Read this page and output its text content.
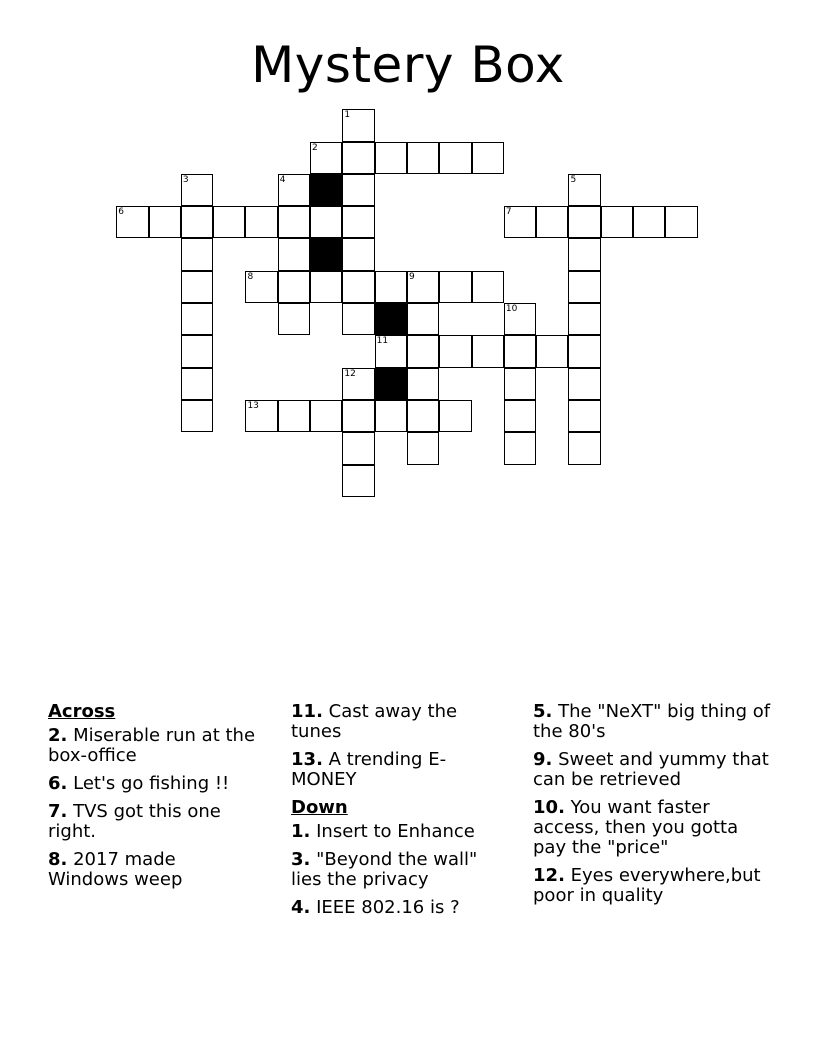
Mystery Box
1
2
3	4	5
6	7
8	9
10
11
12
13
Across
2. Miserable run at the box-office
6. Let's go fishing !!
7. TVS got this one right.
8. 2017 made Windows weep
11. Cast away the tunes
13. A trending E-MONEY
Down
1. Insert to Enhance
3. "Beyond the wall" lies the privacy
4. IEEE 802.16 is ?
5. The "NeXT" big thing of the 80's
9. Sweet and yummy that can be retrieved
10. You want faster access, then you gotta pay the "price"
12. Eyes everywhere,but poor in quality
